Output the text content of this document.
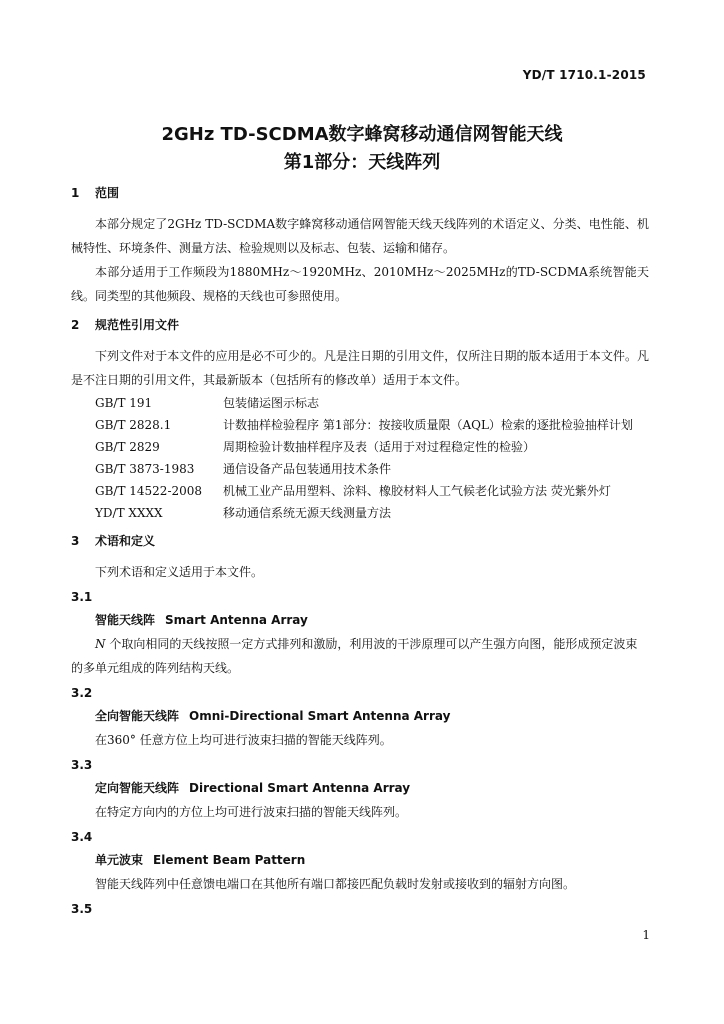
YD/T 1710.1-2015
2GHz TD-SCDMA数字蜂窝移动通信网智能天线
第1部分：天线阵列
1 范围

本部分规定了2GHz TD-SCDMA数字蜂窝移动通信网智能天线天线阵列的术语定义、分类、电性能、机械特性、环境条件、测量方法、检验规则以及标志、包装、运输和储存。

本部分适用于工作频段为1880MHz～1920MHz、2010MHz～2025MHz的TD-SCDMA系统智能天线。同类型的其他频段、规格的天线也可参照使用。

2 规范性引用文件

下列文件对于本文件的应用是必不可少的。凡是注日期的引用文件，仅所注日期的版本适用于本文件。凡是不注日期的引用文件，其最新版本（包括所有的修改单）适用于本文件。

GB/T 191	包装储运图示标志
GB/T 2828.1	计数抽样检验程序 第1部分：按接收质量限（AQL）检索的逐批检验抽样计划
GB/T 2829	周期检验计数抽样程序及表（适用于对过程稳定性的检验）
GB/T 3873-1983	通信设备产品包装通用技术条件
GB/T 14522-2008	机械工业产品用塑料、涂料、橡胶材料人工气候老化试验方法 荧光紫外灯
YD/T XXXX	移动通信系统无源天线测量方法
3 术语和定义

下列术语和定义适用于本文件。

3.1
智能天线阵 Smart Antenna Array

N 个取向相同的天线按照一定方式排列和激励，利用波的干涉原理可以产生强方向图，能形成预定波束的多单元组成的阵列结构天线。

3.2
全向智能天线阵 Omni-Directional Smart Antenna Array

在360° 任意方位上均可进行波束扫描的智能天线阵列。

3.3
定向智能天线阵 Directional Smart Antenna Array

在特定方向内的方位上均可进行波束扫描的智能天线阵列。

3.4
单元波束 Element Beam Pattern

智能天线阵列中任意馈电端口在其他所有端口都接匹配负载时发射或接收到的辐射方向图。

3.5
1
